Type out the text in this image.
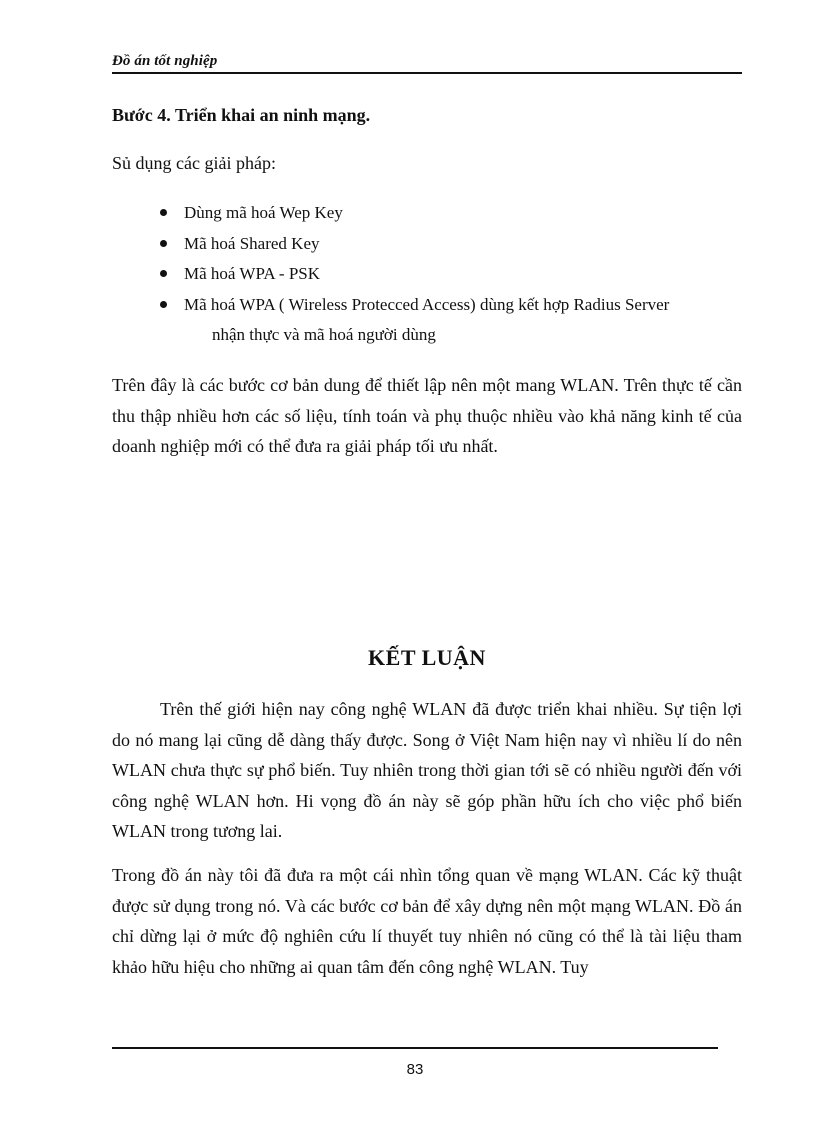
Đồ án tốt nghiệp
Bước 4. Triển khai an ninh mạng.
Sủ dụng các giải pháp:
Dùng mã hoá Wep Key
Mã hoá Shared Key
Mã hoá WPA - PSK
Mã hoá WPA ( Wireless Protecced Access) dùng kết hợp Radius Server
nhận thực và mã hoá người dùng
Trên đây là các bước cơ bản dung để thiết lập nên một mang WLAN. Trên thực tế cần thu thập nhiều hơn các số liệu, tính toán và phụ thuộc nhiều vào khả năng kinh tế của doanh nghiệp mới có thể đưa ra giải pháp tối ưu nhất.
KẾT LUẬN
Trên thế giới hiện nay công nghệ WLAN đã được triển khai nhiều. Sự tiện lợi do nó mang lại cũng dễ dàng thấy được. Song ở Việt Nam hiện nay vì nhiều lí do nên WLAN chưa thực sự phổ biến. Tuy nhiên trong thời gian tới sẽ có nhiều người đến với công nghệ WLAN hơn. Hi vọng đồ án này sẽ góp phần hữu ích cho việc phổ biến WLAN trong tương lai.
Trong đồ án này tôi đã đưa ra một cái nhìn tổng quan về mạng WLAN. Các kỹ thuật được sử dụng trong nó. Và các bước cơ bản để xây dựng nên một mạng WLAN. Đồ án chỉ dừng lại ở mức độ nghiên cứu lí thuyết tuy nhiên nó cũng có thể là tài liệu tham khảo hữu hiệu cho những ai quan tâm đến công nghệ WLAN. Tuy
83
